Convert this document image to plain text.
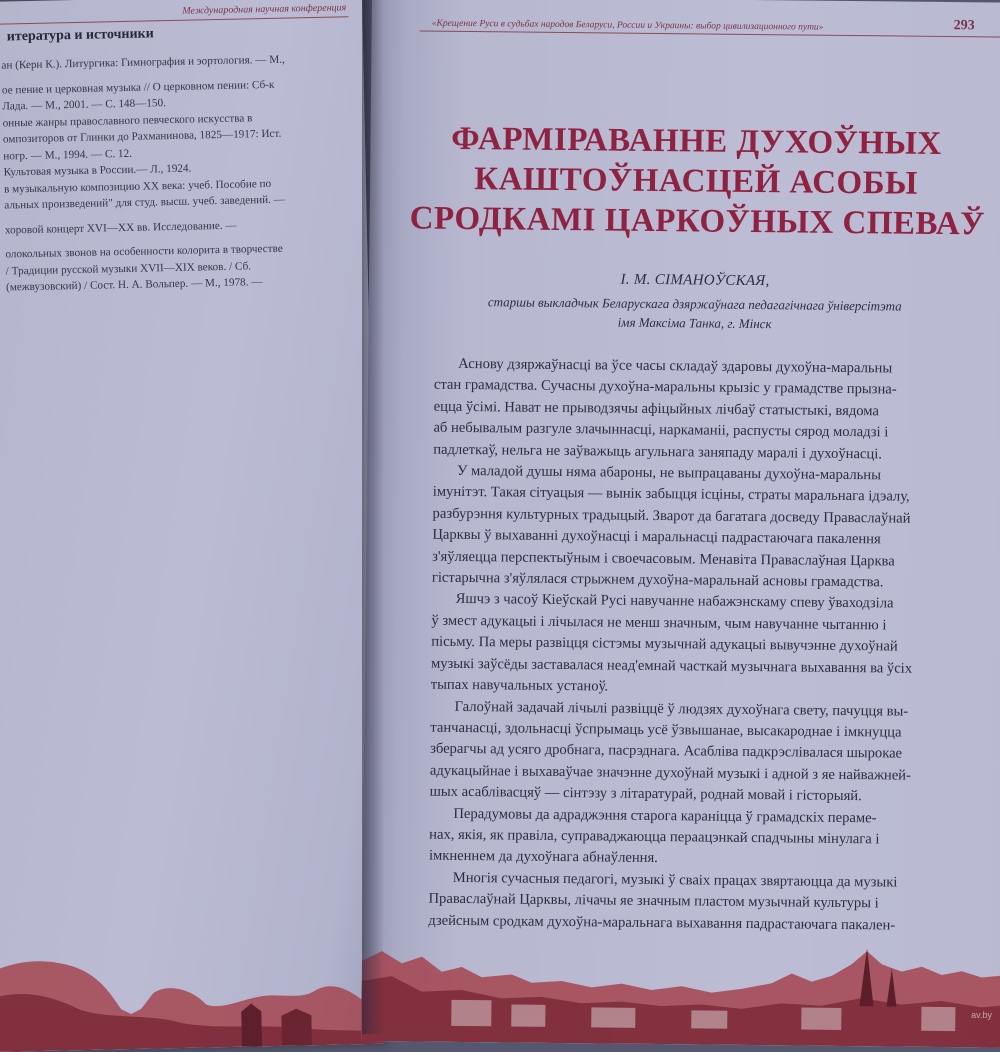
Международная научная конференция
итература и источники
ан (Керн К.). Литургика: Гимнография и эортология. — М.,
ое пение и церковная музыка // О церковном пении: Сб-к
Лада. — М., 2001. — С. 148—150.
онные жанры православного певческого искусства в
омпозиторов от Глинки до Рахманинова, 1825—1917: Ист.
ногр. — М., 1994. — С. 12.
Культовая музыка в России.— Л., 1924.
в музыкальную композицию XX века: учеб. Пособие по
альных произведений" для студ. высш. учеб. заведений. —
хоровой концерт XVI—XX вв. Исследование. —
олокольных звонов на особенности колорита в творчестве
/ Традиции русской музыки XVII—XIX веков. / Сб.
(межвузовский) / Сост. Н. А. Вольпер. — М., 1978. —
«Крещение Руси в судьбах народов Беларуси, России и Украины: выбор цивилизационного пути»	293
ФАРМІРАВАННЕ ДУХОЎНЫХ
КАШТОЎНАСЦЕЙ АСОБЫ
СРОДКАМІ ЦАРКОЎНЫХ СПЕВАЎ
І. М. СІМАНОЎСКАЯ,
старшы выкладчык Беларускага дзяржаўнага педагагічнага ўніверсітэта
імя Максіма Танка, г. Мінск
Аснову дзяржаўнасці ва ўсе часы складаў здаровы духоўна-маральны
стан грамадства. Сучасны духоўна-маральны крызіс у грамадстве прызна-
ецца ўсімі. Нават не прыводзячы афіцыйных лічбаў статыстыкі, вядома
аб небывалым разгуле злачыннасці, наркаманіі, распусты сярод моладзі і
падлеткаў, нельга не заўважыць агульнага заняпаду маралі і духоўнасці.
У маладой душы няма абароны, не выпрацаваны духоўна-маральны
імунітэт. Такая сітуацыя — вынік забыцця ісціны, страты маральнага ідэалу,
разбурэння культурных традыцый. Зварот да багатага досведу Праваслаўнай
Царквы ў выхаванні духоўнасці і маральнасці падрастаючага пакалення
з'яўляецца перспектыўным і своечасовым. Менавіта Праваслаўная Царква
гістарычна з'яўлялася стрыжнем духоўна-маральнай асновы грамадства.
Яшчэ з часоў Кіеўскай Русі навучанне набажэнскаму спеву ўваходзіла
ў змест адукацыі і лічылася не менш значным, чым навучанне чытанню і
пісьму. Па меры развіцця сістэмы музычнай адукацыі вывучэнне духоўнай
музыкі заўсёды заставалася неад'емнай часткай музычнага выхавання ва ўсіх
тыпах навучальных устаноў.
Галоўнай задачай лічылі развіццё ў людзях духоўнага свету, пачуцця вы-
танчанасці, здольнасці ўспрымаць усё ўзвышанае, высакароднае і імкнуцца
зберагчы ад усяго дробнага, пасрэднага. Асабліва падкрэслівалася шырокае
адукацыйнае і выхаваўчае значэнне духоўнай музыкі і адной з яе найважней-
шых асаблівасцяў — сінтэзу з літаратурай, роднай мовай і гісторыяй.
Перадумовы да адраджэння старога караніцца ў грамадскіх пераме-
нах, якія, як правіла, суправаджаюцца пераацэнкай спадчыны мінулага і
імкненнем да духоўнага абнаўлення.
Многія сучасныя педагогі, музыкі ў сваіх працах звяртаюцца да музыкі
Праваслаўнай Царквы, лічачы яе значным пластом музычнай культуры і
дзейсным сродкам духоўна-маральнага выхавання падрастаючага пакален-
av.by
